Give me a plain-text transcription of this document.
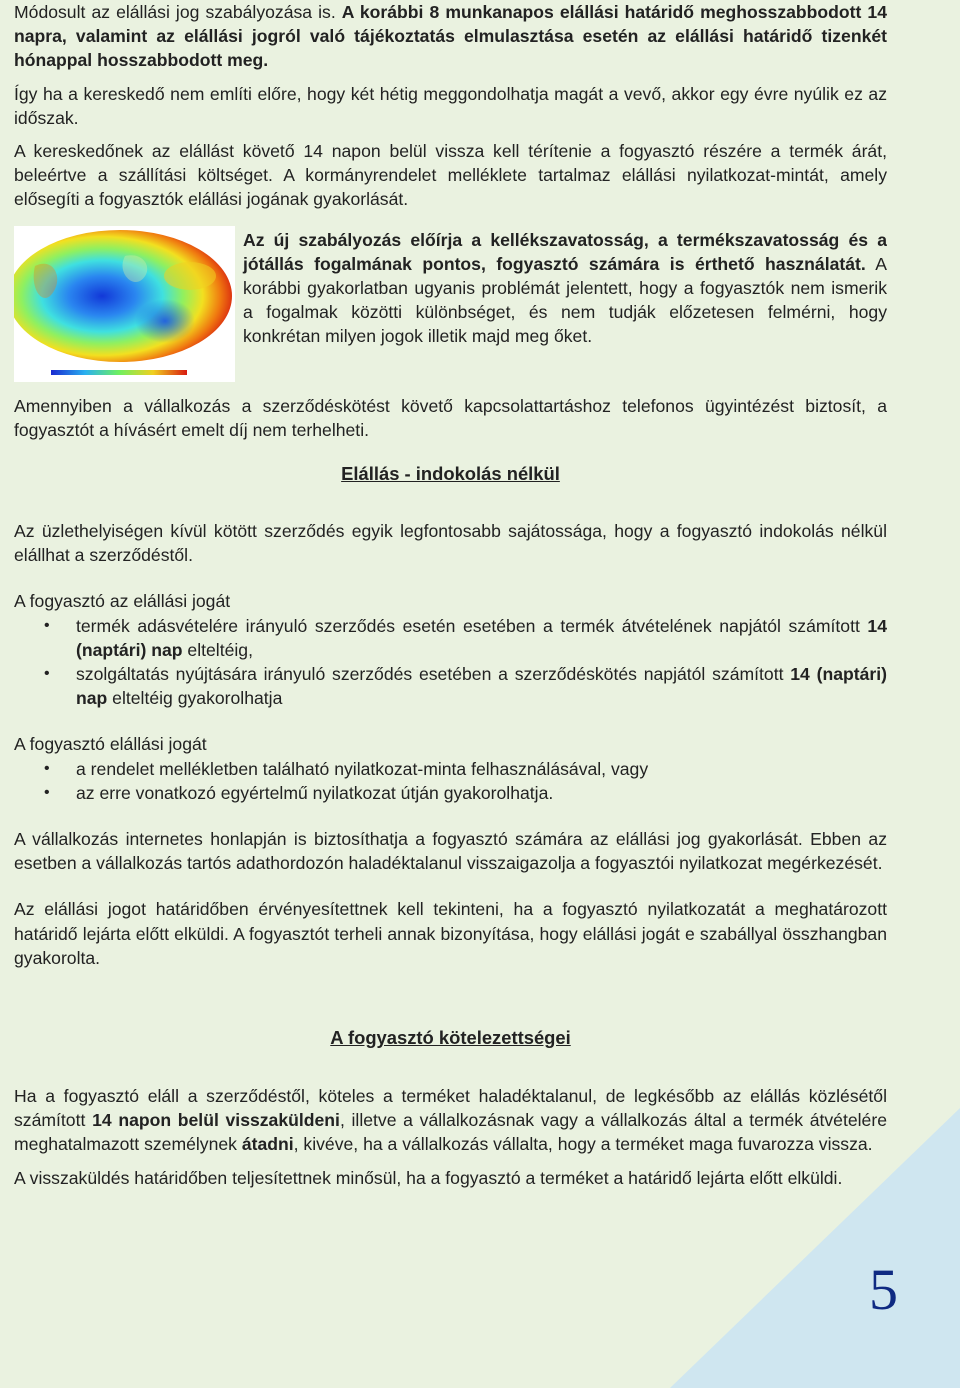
Módosult az elállási jog szabályozása is. A korábbi 8 munkanapos elállási határidő meghosszabbodott 14 napra, valamint az elállási jogról való tájékoztatás elmulasztása esetén az elállási határidő tizenkét hónappal hosszabbodott meg.

Így ha a kereskedő nem említi előre, hogy két hétig meggondolhatja magát a vevő, akkor egy évre nyúlik ez az időszak.

A kereskedőnek az elállást követő 14 napon belül vissza kell térítenie a fogyasztó részére a termék árát, beleértve a szállítási költséget. A kormányrendelet melléklete tartalmaz elállási nyilatkozat-mintát, amely elősegíti a fogyasztók elállási jogának gyakorlását.

Az új szabályozás előírja a kellékszavatosság, a termékszavatosság és a jótállás fogalmának pontos, fogyasztó számára is érthető használatát. A korábbi gyakorlatban ugyanis problémát jelentett, hogy a fogyasztók nem ismerik a fogalmak közötti különbséget, és nem tudják előzetesen felmérni, hogy konkrétan milyen jogok illetik majd meg őket.

Amennyiben a vállalkozás a szerződéskötést követő kapcsolattartáshoz telefonos ügyintézést biztosít, a fogyasztót a hívásért emelt díj nem terhelheti.

Elállás - indokolás nélkül

Az üzlethelyiségen kívül kötött szerződés egyik legfontosabb sajátossága, hogy a fogyasztó indokolás nélkül elállhat a szerződéstől.

A fogyasztó az elállási jogát

• termék adásvételére irányuló szerződés esetén esetében a termék átvételének napjától számított 14 (naptári) nap elteltéig,
• szolgáltatás nyújtására irányuló szerződés esetében a szerződéskötés napjától számított 14 (naptári) nap elteltéig gyakorolhatja

A fogyasztó elállási jogát

• a rendelet mellékletben található nyilatkozat-minta felhasználásával, vagy
• az erre vonatkozó egyértelmű nyilatkozat útján gyakorolhatja.

A vállalkozás internetes honlapján is biztosíthatja a fogyasztó számára az elállási jog gyakorlását. Ebben az esetben a vállalkozás tartós adathordozón haladéktalanul visszaigazolja a fogyasztói nyilatkozat megérkezését.

Az elállási jogot határidőben érvényesítettnek kell tekinteni, ha a fogyasztó nyilatkozatát a meghatározott határidő lejárta előtt elküldi. A fogyasztót terheli annak bizonyítása, hogy elállási jogát e szabállyal összhangban gyakorolta.

A fogyasztó kötelezettségei

Ha a fogyasztó eláll a szerződéstől, köteles a terméket haladéktalanul, de legkésőbb az elállás közlésétől számított 14 napon belül visszaküldeni, illetve a vállalkozásnak vagy a vállalkozás által a termék átvételére meghatalmazott személynek átadni, kivéve, ha a vállalkozás vállalta, hogy a terméket maga fuvarozza vissza.

A visszaküldés határidőben teljesítettnek minősül, ha a fogyasztó a terméket a határidő lejárta előtt elküldi.

5
